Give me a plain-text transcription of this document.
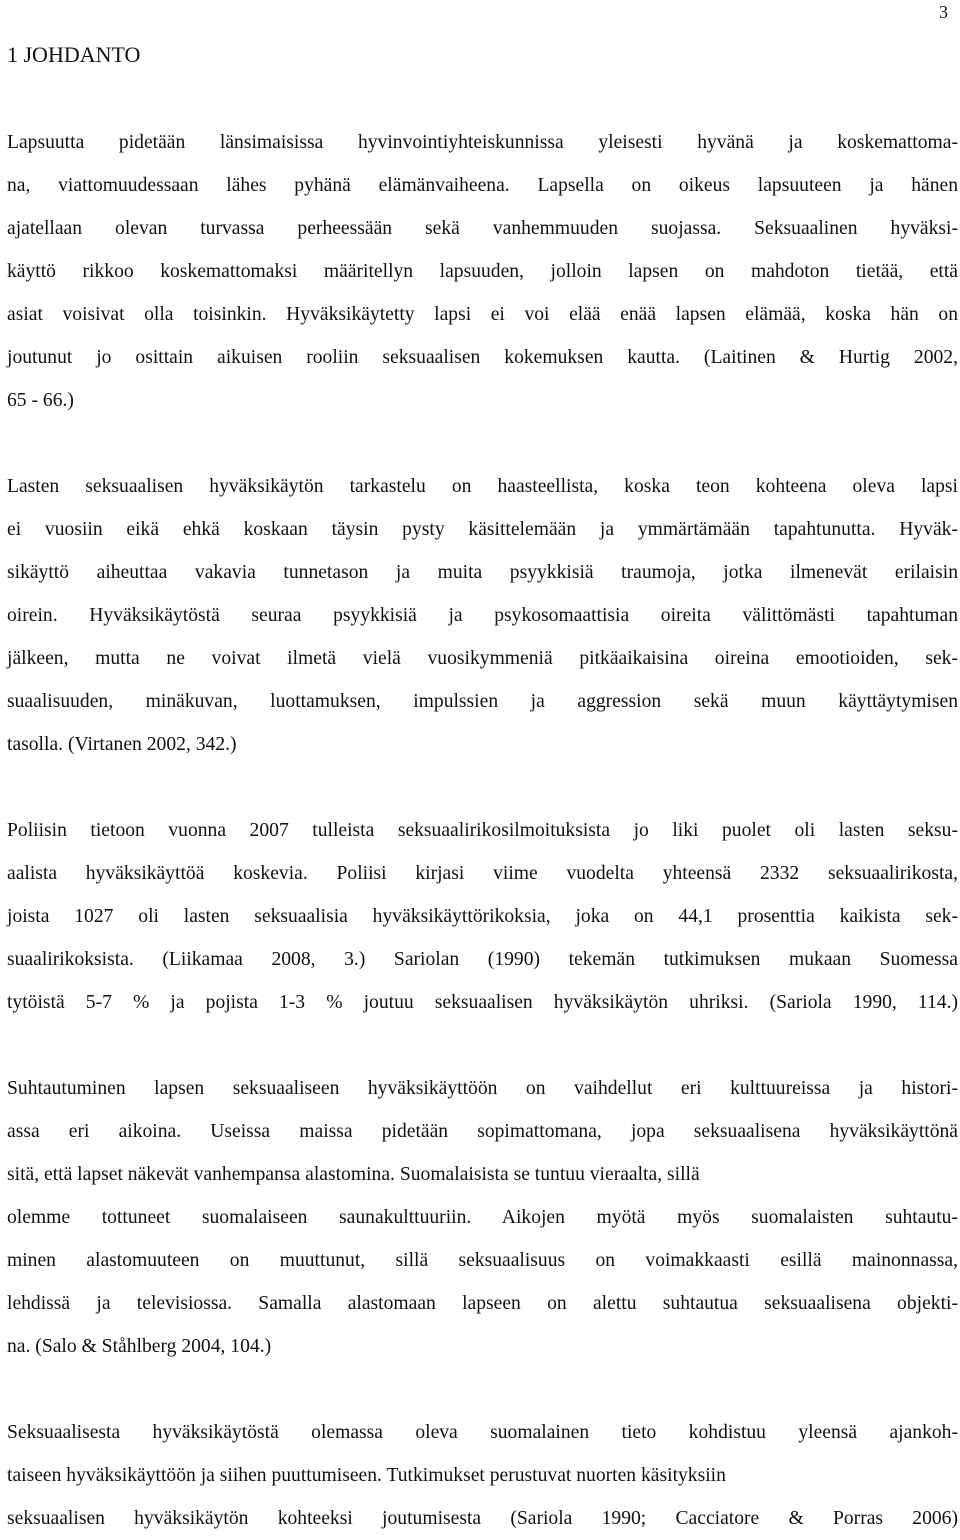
3
1 JOHDANTO

Lapsuutta pidetään länsimaisissa hyvinvointiyhteiskunnissa yleisesti hyvänä ja koskemattoma-
na, viattomuudessaan lähes pyhänä elämänvaiheena. Lapsella on oikeus lapsuuteen ja hänen
ajatellaan olevan turvassa perheessään sekä vanhemmuuden suojassa. Seksuaalinen hyväksi-
käyttö rikkoo koskemattomaksi määritellyn lapsuuden, jolloin lapsen on mahdoton tietää, että
asiat voisivat olla toisinkin. Hyväksikäytetty lapsi ei voi elää enää lapsen elämää, koska hän on
joutunut jo osittain aikuisen rooliin seksuaalisen kokemuksen kautta. (Laitinen & Hurtig 2002,
65 - 66.)

Lasten seksuaalisen hyväksikäytön tarkastelu on haasteellista, koska teon kohteena oleva lapsi
ei vuosiin eikä ehkä koskaan täysin pysty käsittelemään ja ymmärtämään tapahtunutta. Hyväk-
sikäyttö aiheuttaa vakavia tunnetason ja muita psyykkisiä traumoja, jotka ilmenevät erilaisin
oirein. Hyväksikäytöstä seuraa psyykkisiä ja psykosomaattisia oireita välittömästi tapahtuman
jälkeen, mutta ne voivat ilmetä vielä vuosikymmeniä pitkäaikaisina oireina emootioiden, sek-
suaalisuuden, minäkuvan, luottamuksen, impulssien ja aggression sekä muun käyttäytymisen
tasolla. (Virtanen 2002, 342.)

Poliisin tietoon vuonna 2007 tulleista seksuaalirikosilmoituksista jo liki puolet oli lasten seksu-
aalista hyväksikäyttöä koskevia. Poliisi kirjasi viime vuodelta yhteensä 2332 seksuaalirikosta,
joista 1027 oli lasten seksuaalisia hyväksikäyttörikoksia, joka on 44,1 prosenttia kaikista sek-
suaalirikoksista. (Liikamaa 2008, 3.) Sariolan (1990) tekemän tutkimuksen mukaan Suomessa
tytöistä 5-7 % ja pojista 1-3 % joutuu seksuaalisen hyväksikäytön uhriksi. (Sariola 1990, 114.)

Suhtautuminen lapsen seksuaaliseen hyväksikäyttöön on vaihdellut eri kulttuureissa ja histori-
assa eri aikoina. Useissa maissa pidetään sopimattomana, jopa seksuaalisena hyväksikäyttönä
sitä, että lapset näkevät vanhempansa alastomina. Suomalaisista se tuntuu vieraalta, sillä
olemme tottuneet suomalaiseen saunakulttuuriin. Aikojen myötä myös suomalaisten suhtautu-
minen alastomuuteen on muuttunut, sillä seksuaalisuus on voimakkaasti esillä mainonnassa,
lehdissä ja televisiossa. Samalla alastomaan lapseen on alettu suhtautua seksuaalisena objekti-
na. (Salo & Ståhlberg 2004, 104.)

Seksuaalisesta hyväksikäytöstä olemassa oleva suomalainen tieto kohdistuu yleensä ajankoh-
taiseen hyväksikäyttöön ja siihen puuttumiseen. Tutkimukset perustuvat nuorten käsityksiin
seksuaalisen hyväksikäytön kohteeksi joutumisesta (Sariola 1990; Cacciatore & Porras 2006)
